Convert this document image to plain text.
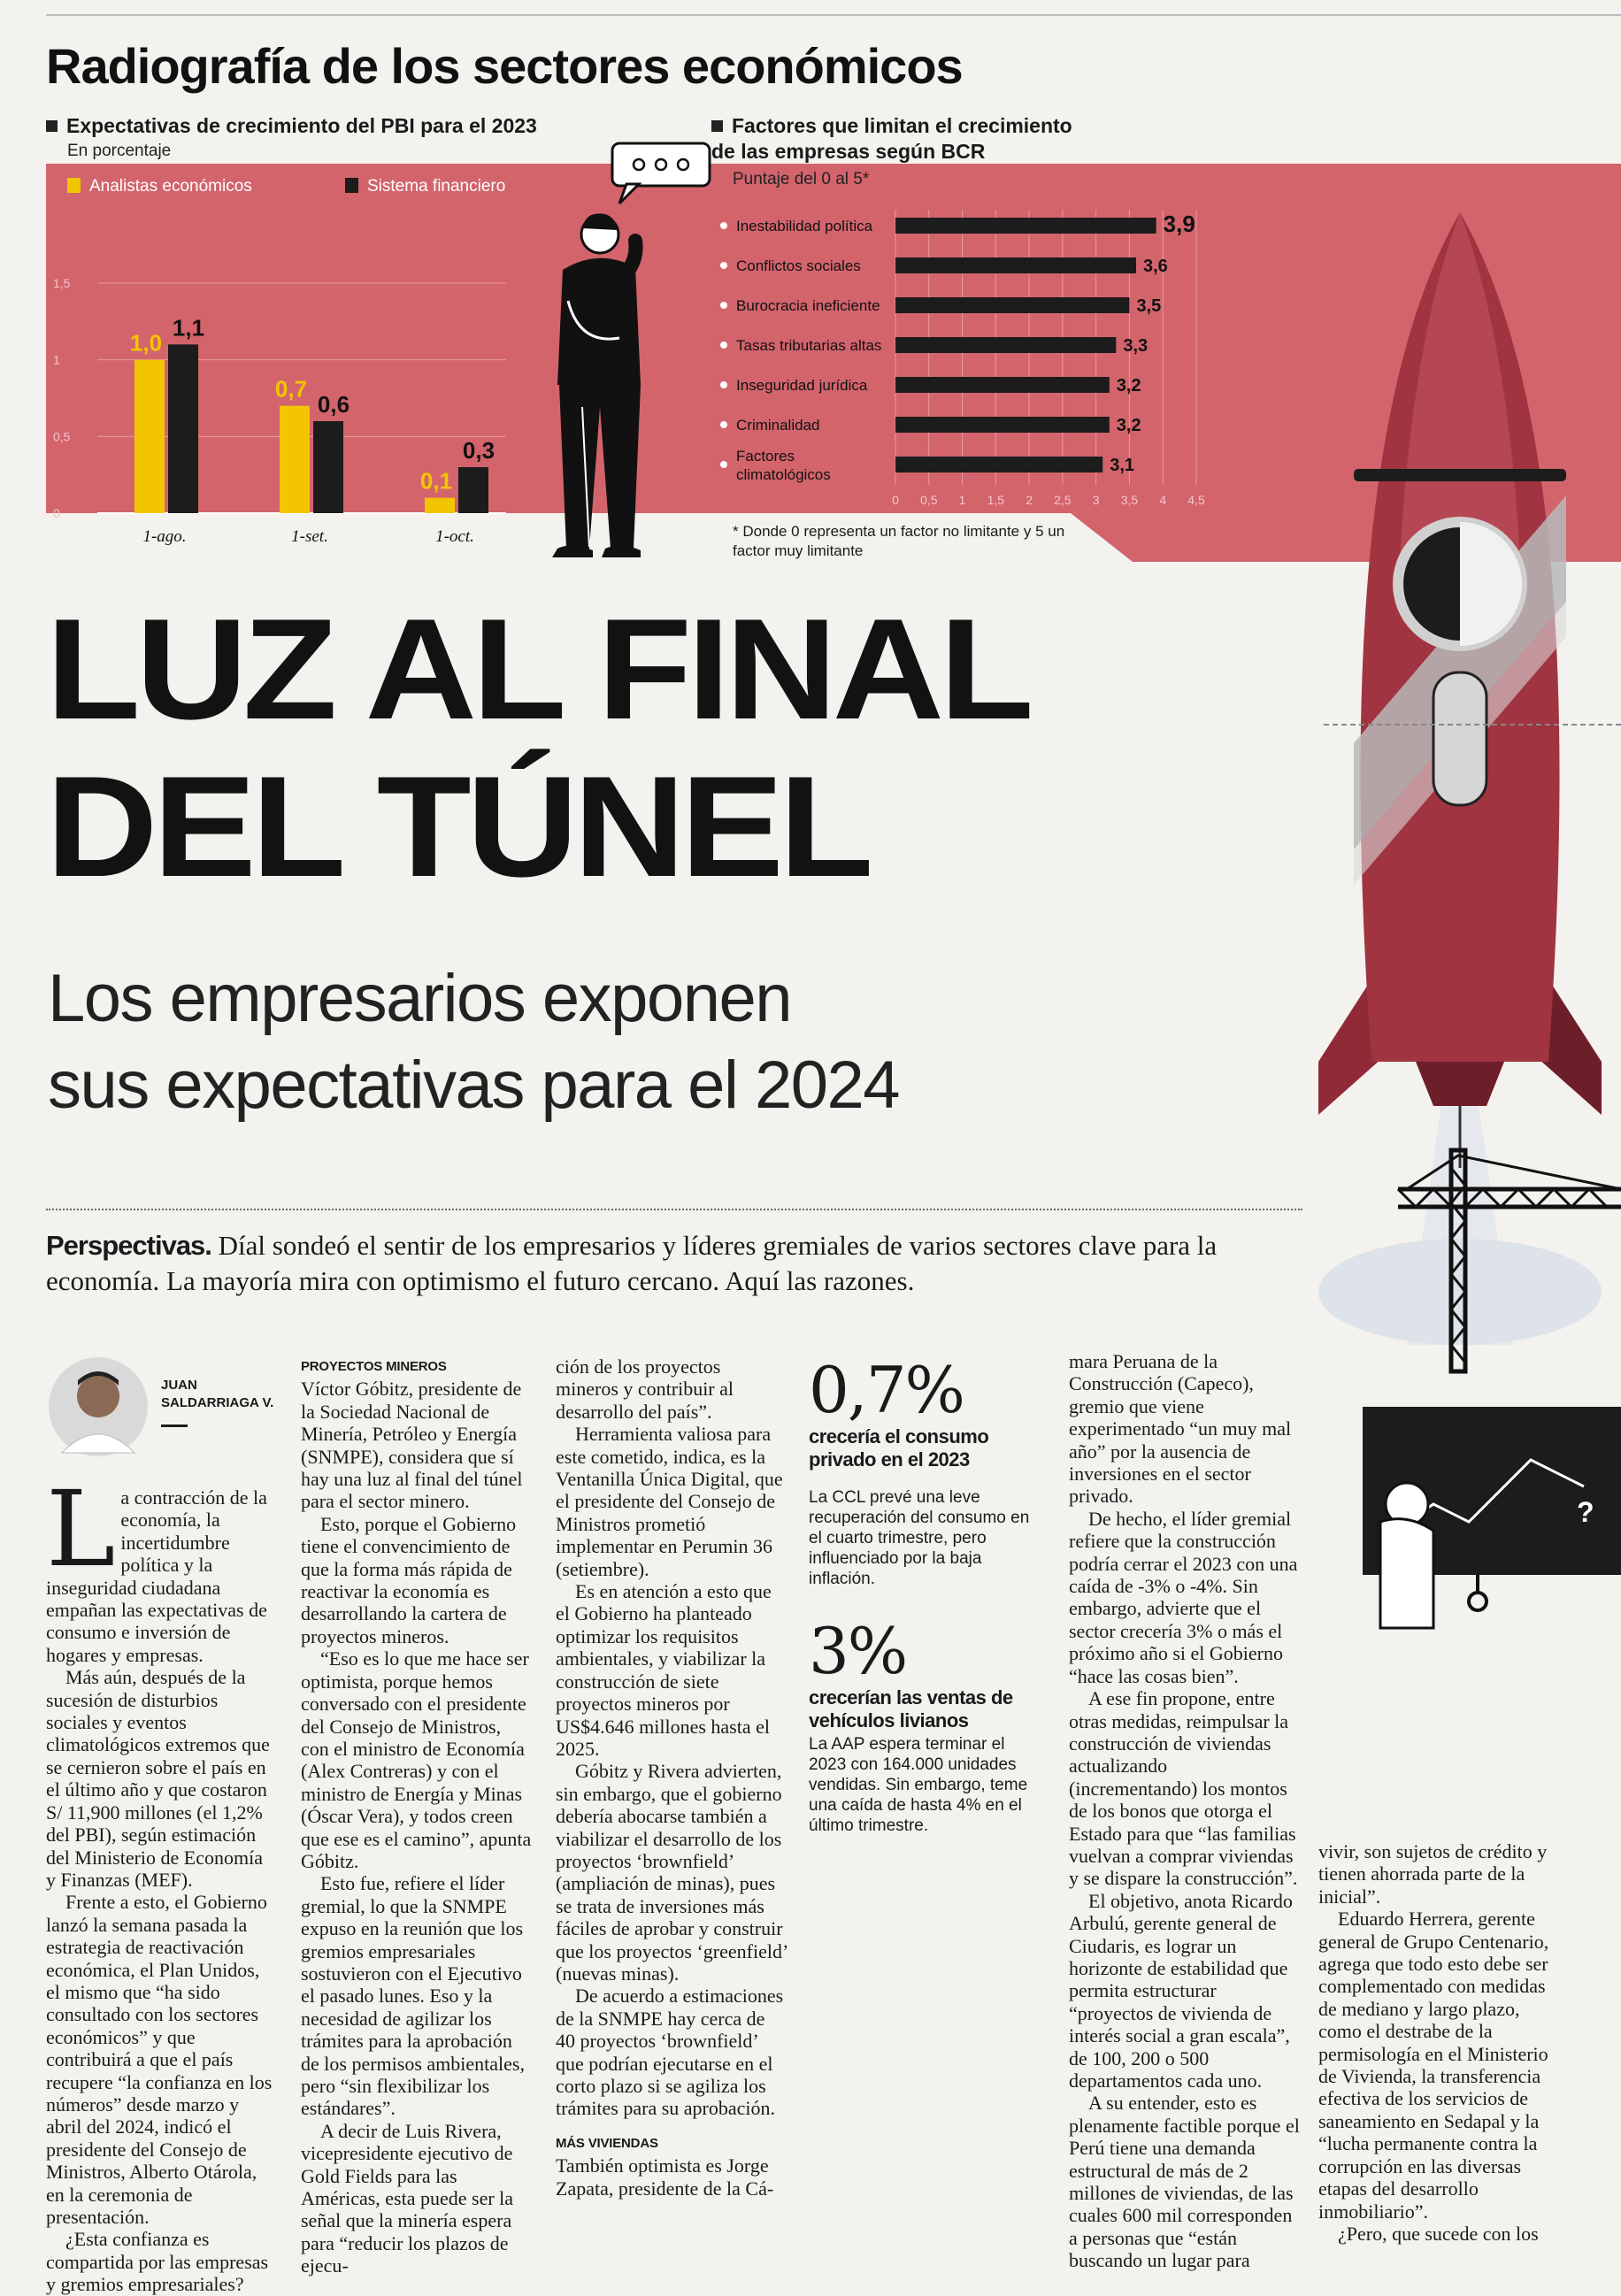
Radiografía de los sectores económicos
Expectativas de crecimiento del PBI para el 2023
En porcentaje
Analistas económicos	Sistema financiero
0
0,5
1
1,5
1,0
1,1
1-ago.
0,7
0,6
1-set.
0,1
0,3
1-oct.
Factores que limitan el crecimiento de las empresas según BCR
Puntaje del 0 al 5*
0 0,5 1 1,5 2 2,5 3 3,5 4 4,5
Inestabilidad política	3,9
Conflictos sociales	3,6
Burocracia ineficiente	3,5
Tasas tributarias altas	3,3
Inseguridad jurídica	3,2
Criminalidad	3,2
Factores
climatológicos	3,1
* Donde 0 representa un factor no limitante y 5 un factor muy limitante
?
LUZ AL FINAL
DEL TÚNEL
Los empresarios exponen
sus expectativas para el 2024

Perspectivas. Díal sondeó el sentir de los empresarios y líderes gremiales de varios sectores clave para la economía. La mayoría mira con optimismo el futuro cercano. Aquí las razones.

JUAN
SALDARRIAGA V.
L a contracción de la economía, la incertidumbre política y la inseguridad ciudadana empañan las expectativas de consumo e inversión de hogares y empresas.

Más aún, después de la sucesión de disturbios sociales y eventos climatológicos extremos que se cernieron sobre el país en el último año y que costaron S/ 11,900 millones (el 1,2% del PBI), según estimación del Ministerio de Economía y Finanzas (MEF).

Frente a esto, el Gobierno lanzó la semana pasada la estrategia de reactivación económica, el Plan Unidos, el mismo que “ha sido consultado con los sectores económicos” y que contribuirá a que el país recupere “la confianza en los números” desde marzo y abril del 2024, indicó el presidente del Consejo de Ministros, Alberto Otárola, en la ceremonia de presentación.

¿Esta confianza es compartida por las empresas y gremios empresariales?

PROYECTOS MINEROS

Víctor Góbitz, presidente de la Sociedad Nacional de Minería, Petróleo y Energía (SNMPE), considera que sí hay una luz al final del túnel para el sector minero.

Esto, porque el Gobierno tiene el convencimiento de que la forma más rápida de reactivar la economía es desarrollando la cartera de proyectos mineros.

“Eso es lo que me hace ser optimista, porque hemos conversado con el presidente del Consejo de Ministros, con el ministro de Economía (Alex Contreras) y con el ministro de Energía y Minas (Óscar Vera), y todos creen que ese es el camino”, apunta Góbitz.

Esto fue, refiere el líder gremial, lo que la SNMPE expuso en la reunión que los gremios empresariales sostuvieron con el Ejecutivo el pasado lunes. Eso y la necesidad de agilizar los trámites para la aprobación de los permisos ambientales, pero “sin flexibilizar los estándares”.

A decir de Luis Rivera, vicepresidente ejecutivo de Gold Fields para las Américas, esta puede ser la señal que la minería espera para “reducir los plazos de ejecu-

ción de los proyectos mineros y contribuir al desarrollo del país”.

Herramienta valiosa para este cometido, indica, es la Ventanilla Única Digital, que el presidente del Consejo de Ministros prometió implementar en Perumin 36 (setiembre).

Es en atención a esto que el Gobierno ha planteado optimizar los requisitos ambientales, y viabilizar la construcción de siete proyectos mineros por US$4.646 millones hasta el 2025.

Góbitz y Rivera advierten, sin embargo, que el gobierno debería abocarse también a viabilizar el desarrollo de los proyectos ‘brownfield’ (ampliación de minas), pues se trata de inversiones más fáciles de aprobar y construir que los proyectos ‘greenfield’ (nuevas minas).

De acuerdo a estimaciones de la SNMPE hay cerca de 40 proyectos ‘brownfield’ que podrían ejecutarse en el corto plazo si se agiliza los trámites para su aprobación.

MÁS VIVIENDAS

También optimista es Jorge Zapata, presidente de la Cá-

0,7%
crecería el consumo privado en el 2023
La CCL prevé una leve recuperación del consumo en el cuarto trimestre, pero influenciado por la baja inflación.
3%
crecerían las ventas de vehículos livianos
La AAP espera terminar el 2023 con 164.000 unidades vendidas. Sin embargo, teme una caída de hasta 4% en el último trimestre.

mara Peruana de la Construcción (Capeco), gremio que viene experimentado “un muy mal año” por la ausencia de inversiones en el sector privado.

De hecho, el líder gremial refiere que la construcción podría cerrar el 2023 con una caída de -3% o -4%. Sin embargo, advierte que el sector crecería 3% o más el próximo año si el Gobierno “hace las cosas bien”.

A ese fin propone, entre otras medidas, reimpulsar la construcción de viviendas actualizando (incrementando) los montos de los bonos que otorga el Estado para que “las familias vuelvan a comprar viviendas y se dispare la construcción”.

El objetivo, anota Ricardo Arbulú, gerente general de Ciudaris, es lograr un horizonte de estabilidad que permita estructurar “proyectos de vivienda de interés social a gran escala”, de 100, 200 o 500 departamentos cada uno.

A su entender, esto es plenamente factible porque el Perú tiene una demanda estructural de más de 2 millones de viviendas, de las cuales 600 mil corresponden a personas que “están buscando un lugar para

vivir, son sujetos de crédito y tienen ahorrada parte de la inicial”.

Eduardo Herrera, gerente general de Grupo Centenario, agrega que todo esto debe ser complementado con medidas de mediano y largo plazo, como el destrabe de la permisología en el Ministerio de Vivienda, la transferencia efectiva de los servicios de saneamiento en Sedapal y la “lucha permanente contra la corrupción en las diversas etapas del desarrollo inmobiliario”.

¿Pero, que sucede con los
